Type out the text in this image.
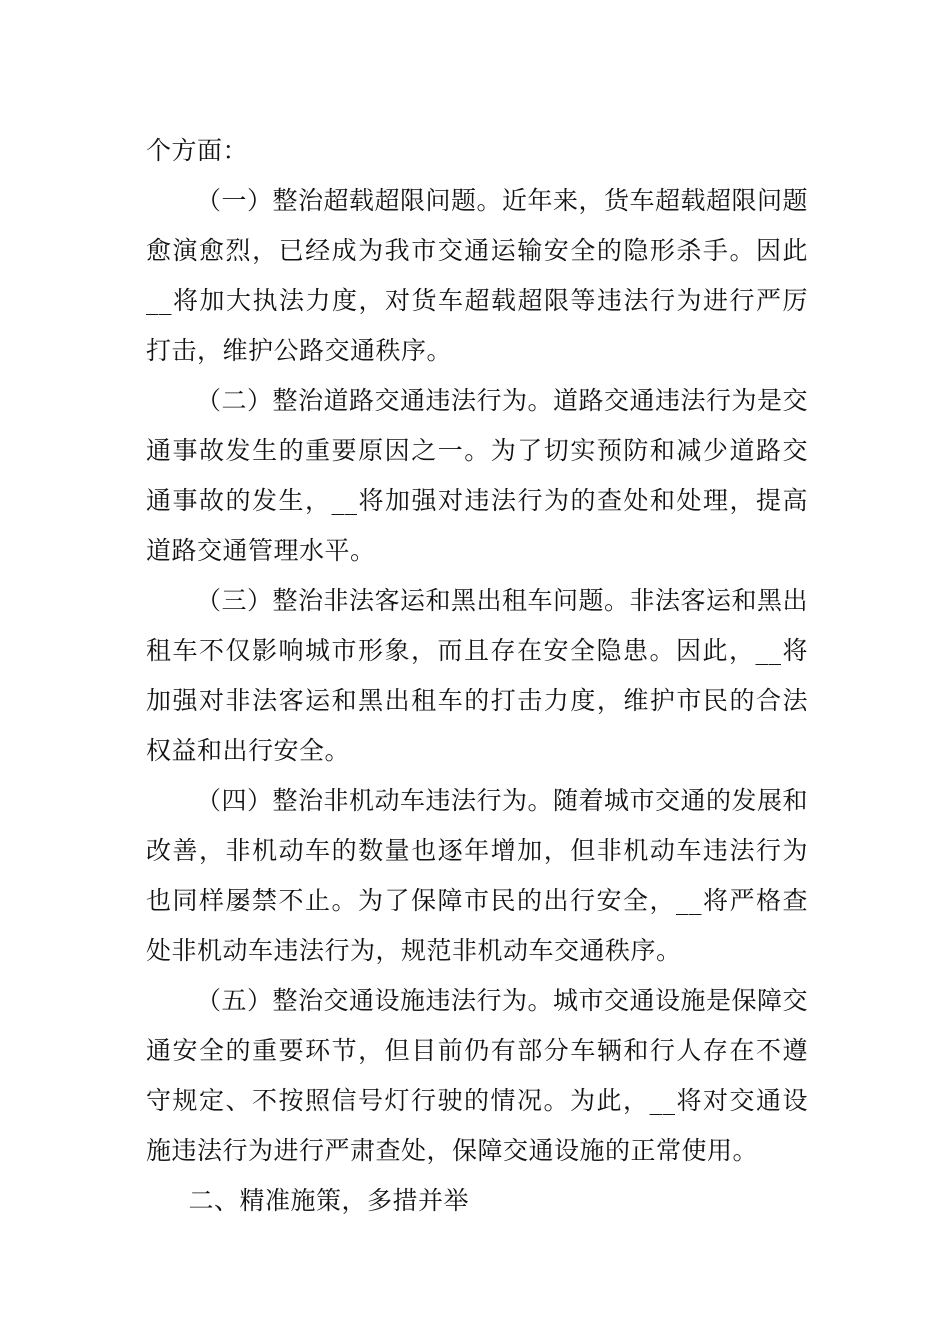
个方面：

（一）整治超载超限问题。近年来，货车超载超限问题愈演愈烈，已经成为我市交通运输安全的隐形杀手。因此__将加大执法力度，对货车超载超限等违法行为进行严厉打击，维护公路交通秩序。

（二）整治道路交通违法行为。道路交通违法行为是交通事故发生的重要原因之一。为了切实预防和减少道路交通事故的发生，__将加强对违法行为的查处和处理，提高道路交通管理水平。

（三）整治非法客运和黑出租车问题。非法客运和黑出租车不仅影响城市形象，而且存在安全隐患。因此，__将加强对非法客运和黑出租车的打击力度，维护市民的合法权益和出行安全。

（四）整治非机动车违法行为。随着城市交通的发展和改善，非机动车的数量也逐年增加，但非机动车违法行为也同样屡禁不止。为了保障市民的出行安全，__将严格查处非机动车违法行为，规范非机动车交通秩序。

（五）整治交通设施违法行为。城市交通设施是保障交通安全的重要环节，但目前仍有部分车辆和行人存在不遵守规定、不按照信号灯行驶的情况。为此，__将对交通设施违法行为进行严肃查处，保障交通设施的正常使用。

二、精准施策，多措并举
